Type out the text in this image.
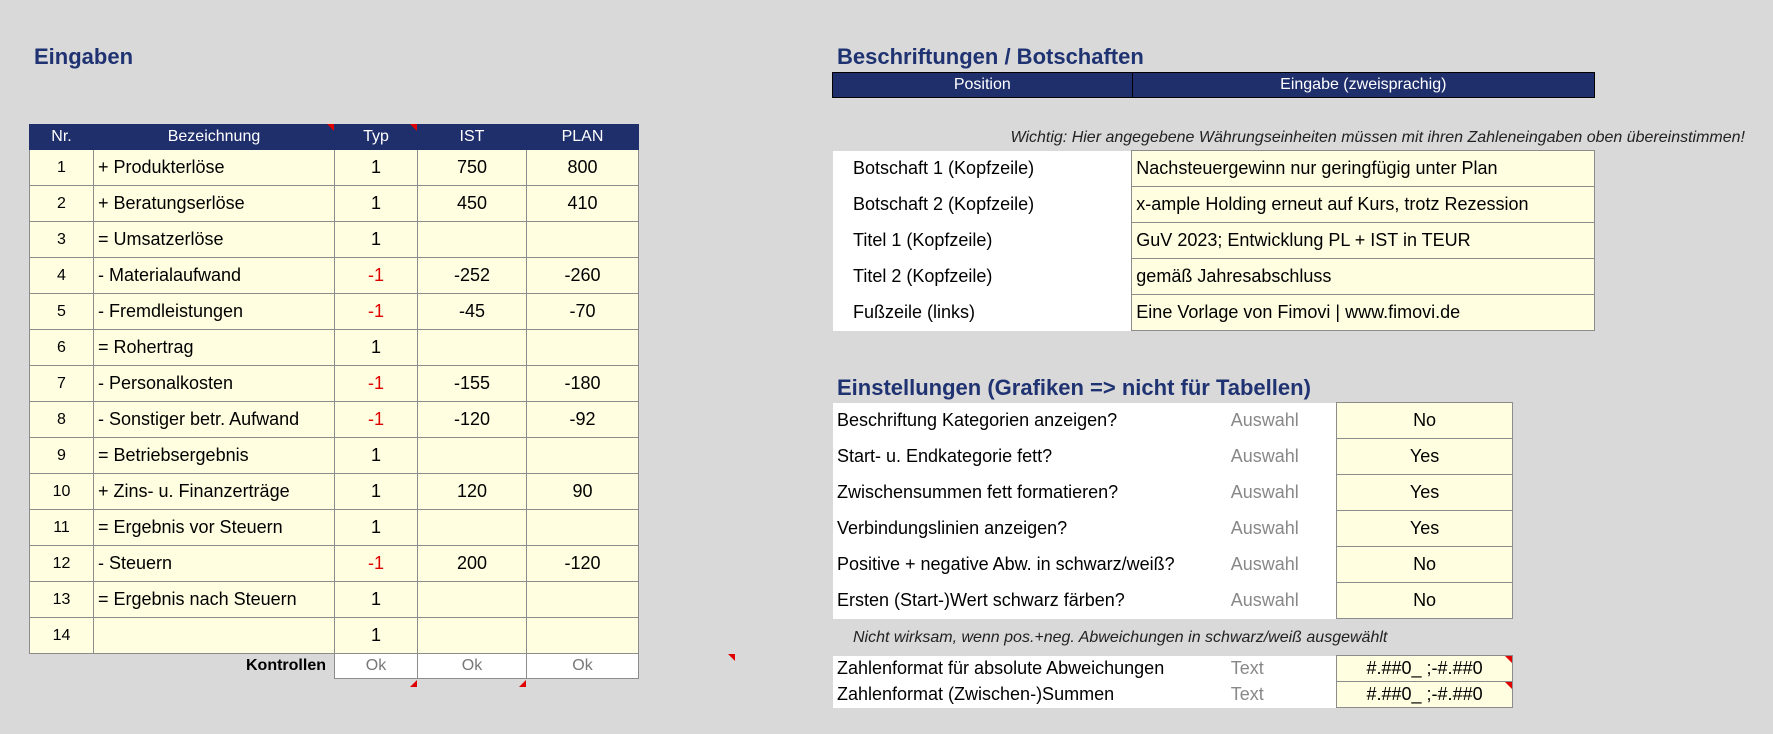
Eingaben
Nr.	Bezeichnung	Typ	IST	PLAN
1	+ Produkterlöse	1	750	800
2	+ Beratungserlöse	1	450	410
3	= Umsatzerlöse	1		
4	- Materialaufwand	-1	-252	-260
5	- Fremdleistungen	-1	-45	-70
6	= Rohertrag	1		
7	- Personalkosten	-1	-155	-180
8	- Sonstiger betr. Aufwand	-1	-120	-92
9	= Betriebsergebnis	1		
10	+ Zins- u. Finanzerträge	1	120	90
11	= Ergebnis vor Steuern	1		
12	- Steuern	-1	200	-120
13	= Ergebnis nach Steuern	1		
14		1		
	Kontrollen	Ok	Ok	Ok
Beschriftungen / Botschaften
Position	Eingabe (zweisprachig)
Wichtig: Hier angegebene Währungseinheiten müssen mit ihren Zahleneingaben oben übereinstimmen!
Botschaft 1 (Kopfzeile)	Nachsteuergewinn nur geringfügig unter Plan
Botschaft 2 (Kopfzeile)	x-ample Holding erneut auf Kurs, trotz Rezession
Titel 1 (Kopfzeile)	GuV 2023; Entwicklung PL + IST in TEUR
Titel 2 (Kopfzeile)	gemäß Jahresabschluss
Fußzeile (links)	Eine Vorlage von Fimovi | www.fimovi.de
Einstellungen (Grafiken => nicht für Tabellen)
Beschriftung Kategorien anzeigen?	Auswahl	No
Start- u. Endkategorie fett?	Auswahl	Yes
Zwischensummen fett formatieren?	Auswahl	Yes
Verbindungslinien anzeigen?	Auswahl	Yes
Positive + negative Abw. in schwarz/weiß?	Auswahl	No
Ersten (Start-)Wert schwarz färben?	Auswahl	No
Nicht wirksam, wenn pos.+neg. Abweichungen in schwarz/weiß ausgewählt
Zahlenformat für absolute Abweichungen	Text	#.##0_ ;-#.##0

Zahlenformat (Zwischen-)Summen	Text	#.##0_ ;-#.##0
